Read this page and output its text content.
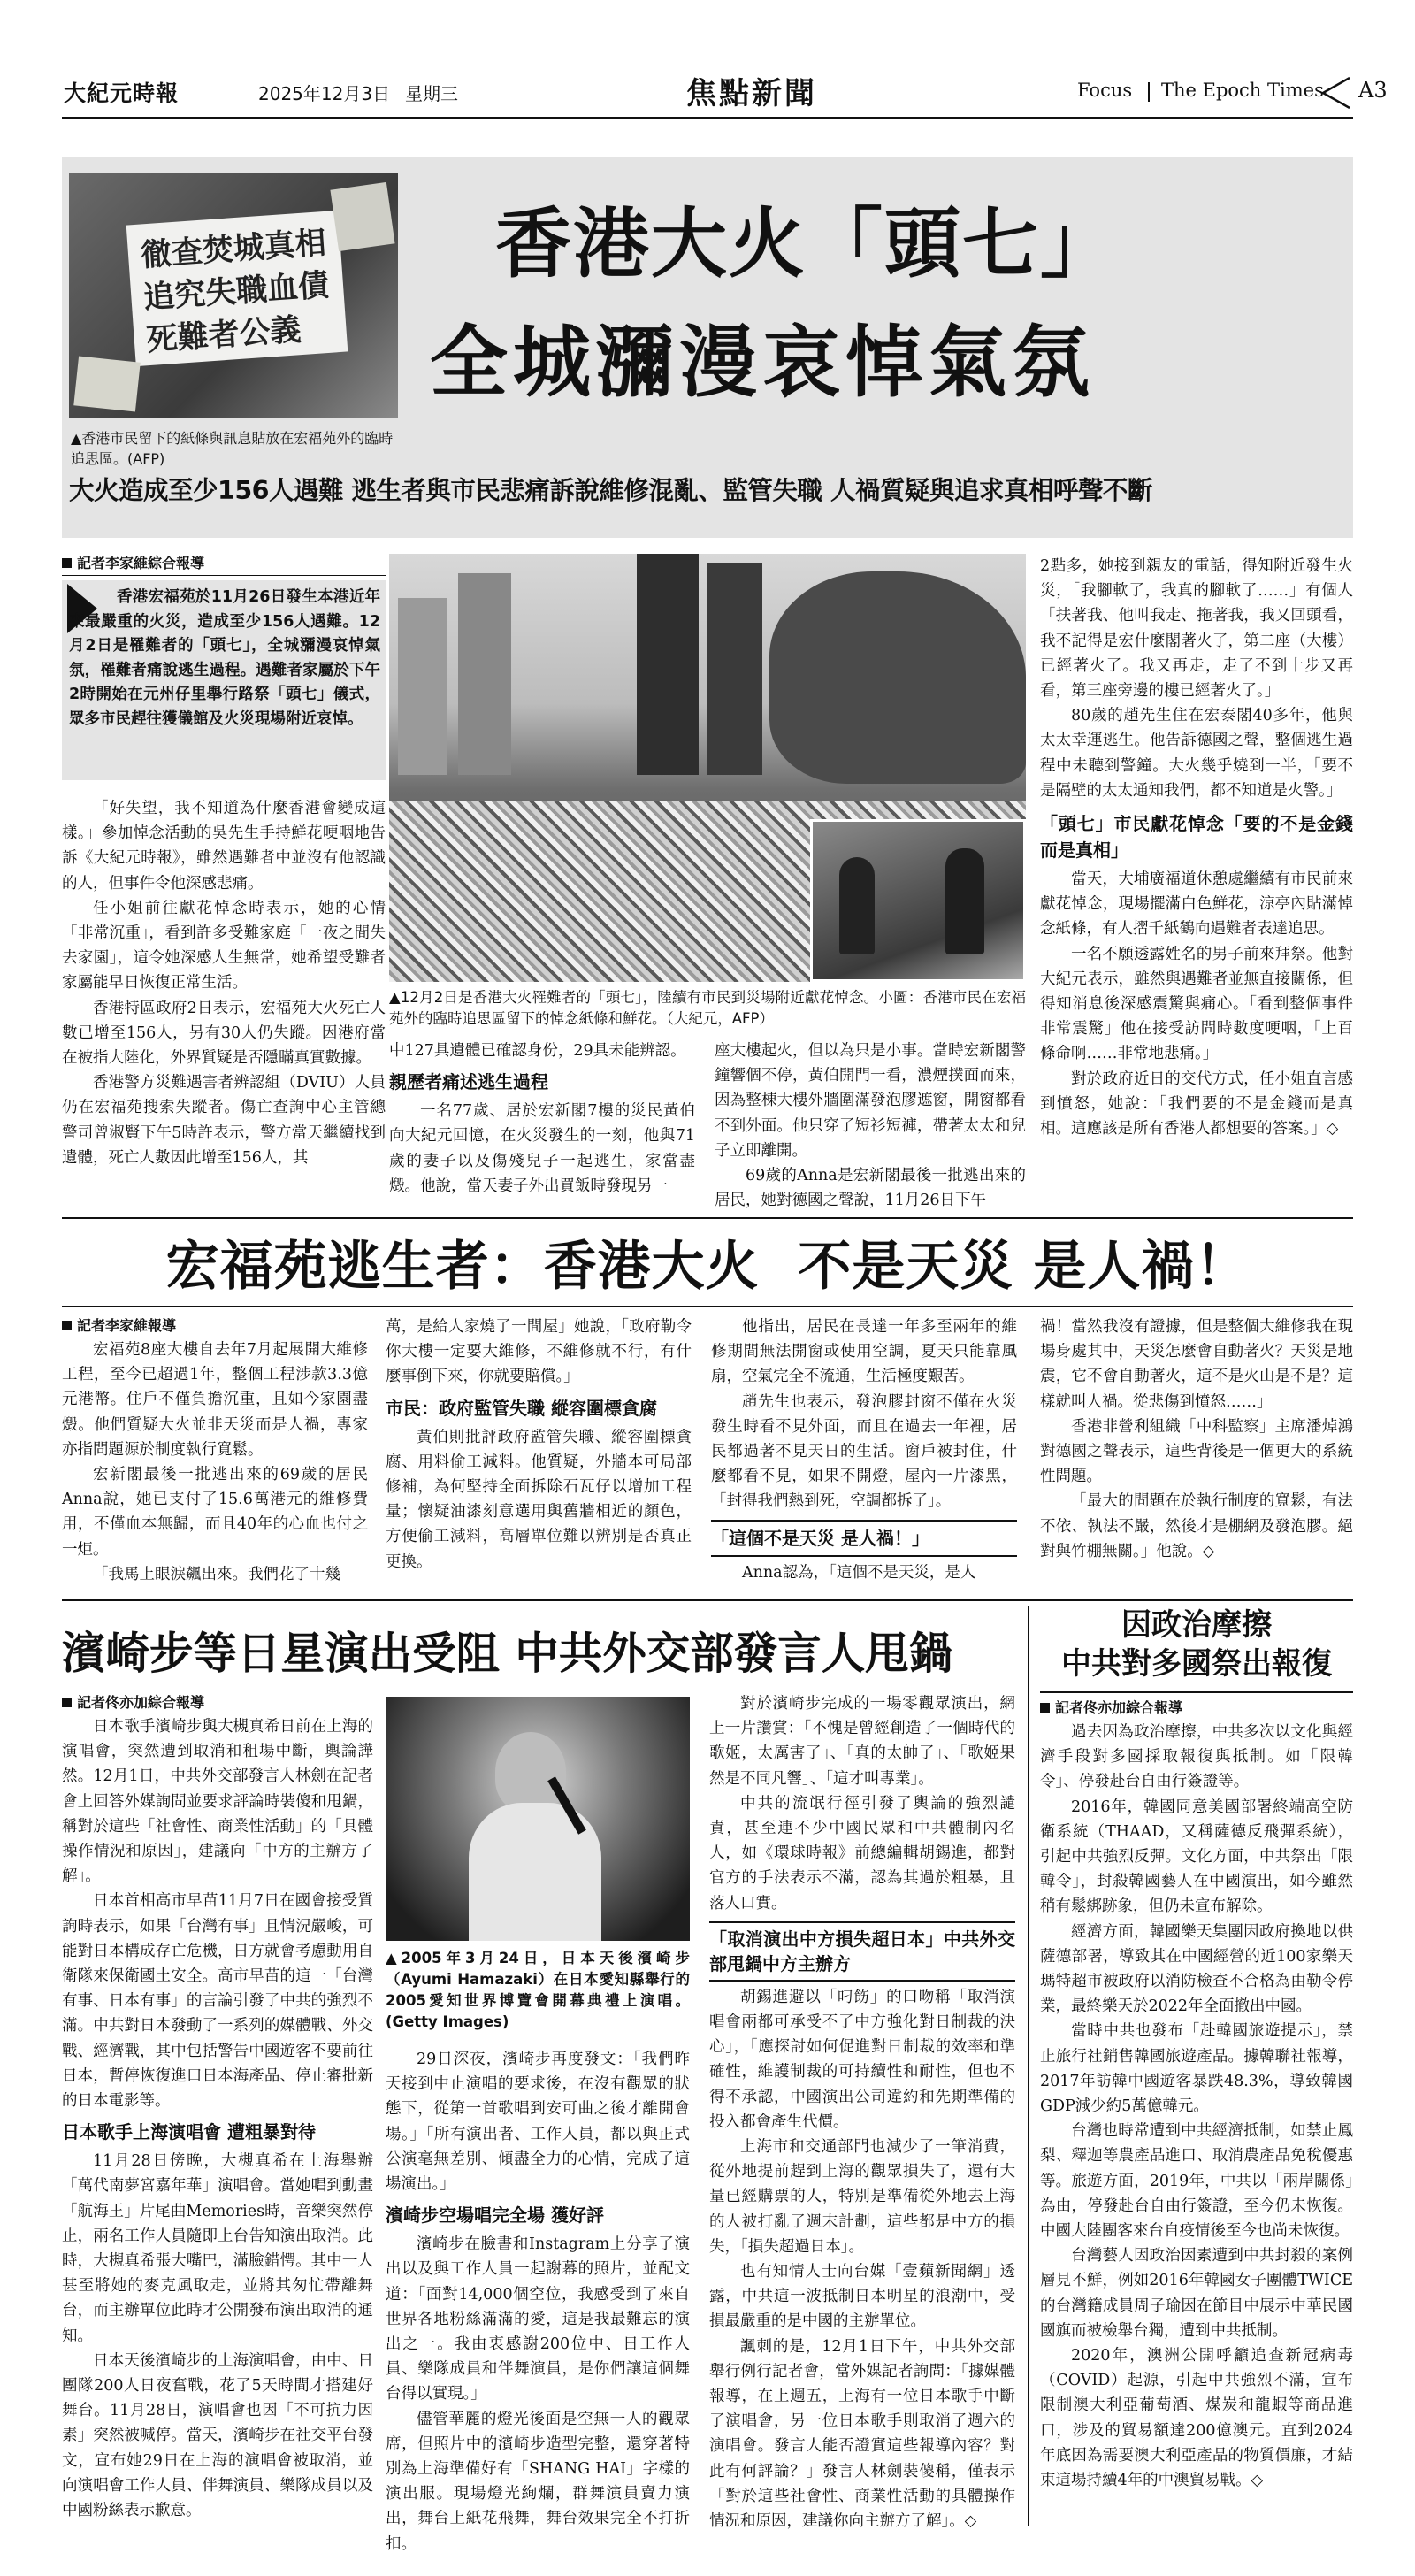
大紀元時報	2025年12月3日 星期三	焦點新聞	Focus The Epoch Times A3
徹查焚城真相
追究失職血債
死難者公義
▲香港市民留下的紙條與訊息貼放在宏福苑外的臨時追思區。(AFP)
香港大火「頭七」
全城瀰漫哀悼氣氛
大火造成至少156人遇難 逃生者與市民悲痛訴說維修混亂、監管失職 人禍質疑與追求真相呼聲不斷
記者李家維綜合報導
香港宏福苑於11月26日發生本港近年來最嚴重的火災，造成至少156人遇難。12月2日是罹難者的「頭七」，全城瀰漫哀悼氣氛，罹難者痛說逃生過程。遇難者家屬於下午2時開始在元州仔里舉行路祭「頭七」儀式，眾多市民趕往獲儀館及火災現場附近哀悼。

「好失望，我不知道為什麼香港會變成這樣。」參加悼念活動的吳先生手持鮮花哽咽地告訴《大紀元時報》，雖然遇難者中並沒有他認識的人，但事件令他深感悲痛。

任小姐前往獻花悼念時表示，她的心情「非常沉重」，看到許多受難家庭「一夜之間失去家園」，這令她深感人生無常，她希望受難者家屬能早日恢復正常生活。

香港特區政府2日表示，宏福苑大火死亡人數已增至156人，另有30人仍失蹤。因港府當在被指大陸化，外界質疑是否隱瞞真實數據。

香港警方災難遇害者辨認組（DVIU）人員仍在宏福苑搜索失蹤者。傷亡查詢中心主管總警司曾淑賢下午5時許表示，警方當天繼續找到遺體，死亡人數因此增至156人，其

▲12月2日是香港大火罹難者的「頭七」，陸續有市民到災場附近獻花悼念。小圖：香港市民在宏福苑外的臨時追思區留下的悼念紙條和鮮花。（大紀元，AFP）

中127具遺體已確認身份，29具未能辨認。

親歷者痛述逃生過程

一名77歲、居於宏新閣7樓的災民黃伯向大紀元回憶，在火災發生的一刻，他與71歲的妻子以及傷殘兒子一起逃生，家當盡燬。他說，當天妻子外出買飯時發現另一

座大樓起火，但以為只是小事。當時宏新閣警鐘響個不停，黃伯開門一看，濃煙撲面而來，因為整棟大樓外牆圍滿發泡膠遮窗，開窗都看不到外面。他只穿了短衫短褲，帶著太太和兒子立即離開。

69歲的Anna是宏新閣最後一批逃出來的居民，她對德國之聲說，11月26日下午

2點多，她接到親友的電話，得知附近發生火災，「我腳軟了，我真的腳軟了……」有個人「扶著我、他叫我走、拖著我，我又回頭看，我不記得是宏什麼閣著火了，第二座（大樓）已經著火了。我又再走，走了不到十步又再看，第三座旁邊的樓已經著火了。」

80歲的趙先生住在宏泰閣40多年，他與太太幸運逃生。他告訴德國之聲，整個逃生過程中未聽到警鐘。大火幾乎燒到一半，「要不是隔壁的太太通知我們，都不知道是火警。」

「頭七」市民獻花悼念「要的不是金錢而是真相」

當天，大埔廣福道休憩處繼續有市民前來獻花悼念，現場擺滿白色鮮花，涼亭內貼滿悼念紙條，有人摺千紙鶴向遇難者表達追思。

一名不願透露姓名的男子前來拜祭。他對大紀元表示，雖然與遇難者並無直接關係，但得知消息後深感震驚與痛心。「看到整個事件非常震驚」他在接受訪問時數度哽咽，「上百條命啊……非常地悲痛。」

對於政府近日的交代方式，任小姐直言感到憤怒，她說：「我們要的不是金錢而是真相。這應該是所有香港人都想要的答案。」◇

宏福苑逃生者：香港大火  不是天災 是人禍！
記者李家維報導

宏福苑8座大樓自去年7月起展開大維修工程，至今已超過1年，整個工程涉款3.3億元港幣。住戶不僅負擔沉重，且如今家園盡燬。他們質疑大火並非天災而是人禍，專家亦指問題源於制度執行寬鬆。

宏新閣最後一批逃出來的69歲的居民Anna說，她已支付了15.6萬港元的維修費用，不僅血本無歸，而且40年的心血也付之一炬。

「我馬上眼淚飆出來。我們花了十幾

萬，是給人家燒了一間屋」她說，「政府勒令你大樓一定要大維修，不維修就不行，有什麼事倒下來，你就要賠償。」

市民：政府監管失職 縱容圍標貪腐

黃伯則批評政府監管失職、縱容圍標貪腐、用料偷工減料。他質疑，外牆本可局部修補，為何堅持全面拆除石瓦仔以增加工程量；懷疑油漆刻意選用與舊牆相近的顏色，方便偷工減料，高層單位難以辨別是否真正更換。

他指出，居民在長達一年多至兩年的維修期間無法開窗或使用空調，夏天只能靠風扇，空氣完全不流通，生活極度艱苦。

趙先生也表示，發泡膠封窗不僅在火災發生時看不見外面，而且在過去一年裡，居民都過著不見天日的生活。窗戶被封住，什麼都看不見，如果不開燈，屋內一片漆黑，「封得我們熱到死，空調都拆了」。

「這個不是天災 是人禍！」

Anna認為，「這個不是天災，是人

禍！當然我沒有證據，但是整個大維修我在現場身處其中，天災怎麼會自動著火？天災是地震，它不會自動著火，這不是火山是不是？這樣就叫人禍。從悲傷到憤怒……」

香港非營利組織「中科監察」主席潘焯鴻對德國之聲表示，這些背後是一個更大的系統性問題。

「最大的問題在於執行制度的寬鬆，有法不依、執法不嚴，然後才是棚網及發泡膠。絕對與竹棚無關。」他說。◇

濱崎步等日星演出受阻 中共外交部發言人甩鍋
記者佟亦加綜合報導

日本歌手濱崎步與大槻真希日前在上海的演唱會，突然遭到取消和租場中斷，輿論譁然。12月1日，中共外交部發言人林劍在記者會上回答外媒詢問並要求評論時裝傻和甩鍋，稱對於這些「社會性、商業性活動」的「具體操作情況和原因」，建議向「中方的主辦方了解」。

日本首相高市早苗11月7日在國會接受質詢時表示，如果「台灣有事」且情況嚴峻，可能對日本構成存亡危機，日方就會考慮動用自衛隊來保衛國土安全。高市早苗的這一「台灣有事、日本有事」的言論引發了中共的強烈不滿。中共對日本發動了一系列的媒體戰、外交戰、經濟戰，其中包括警告中國遊客不要前往日本，暫停恢復進口日本海產品、停止審批新的日本電影等。

日本歌手上海演唱會 遭粗暴對待

11月28日傍晚，大槻真希在上海舉辦「萬代南夢宮嘉年華」演唱會。當她唱到動畫「航海王」片尾曲Memories時，音樂突然停止，兩名工作人員隨即上台告知演出取消。此時，大槻真希張大嘴巴，滿臉錯愕。其中一人甚至將她的麥克風取走，並將其匆忙帶離舞台，而主辦單位此時才公開發布演出取消的通知。

日本天後濱崎步的上海演唱會，由中、日團隊200人日夜奮戰，花了5天時間才搭建好舞台。11月28日，演唱會也因「不可抗力因素」突然被喊停。當天，濱崎步在社交平台發文，宣布她29日在上海的演唱會被取消，並向演唱會工作人員、伴舞演員、樂隊成員以及中國粉絲表示歉意。

▲2005年3月24日，日本天後濱崎步（Ayumi Hamazaki）在日本愛知縣舉行的2005愛知世界博覽會開幕典禮上演唱。(Getty Images)

29日深夜，濱崎步再度發文：「我們昨天接到中止演唱的要求後，在沒有觀眾的狀態下，從第一首歌唱到安可曲之後才離開會場。」「所有演出者、工作人員，都以與正式公演毫無差別、傾盡全力的心情，完成了這場演出。」

濱崎步空場唱完全場 獲好評

濱崎步在臉書和Instagram上分享了演出以及與工作人員一起謝幕的照片，並配文道：「面對14,000個空位，我感受到了來自世界各地粉絲滿滿的愛，這是我最難忘的演出之一。我由衷感謝200位中、日工作人員、樂隊成員和伴舞演員，是你們讓這個舞台得以實現。」

儘管華麗的燈光後面是空無一人的觀眾席，但照片中的濱崎步造型完整，還穿著特別為上海準備好有「SHANG HAI」字樣的演出服。現場燈光絢爛，群舞演員賣力演出，舞台上紙花飛舞，舞台效果完全不打折扣。

對於濱崎步完成的一場零觀眾演出，網上一片讚賞：「不愧是曾經創造了一個時代的歌姬，太厲害了」、「真的太帥了」、「歌姬果然是不同凡響」、「這才叫專業」。

中共的流氓行徑引發了輿論的強烈譴責，甚至連不少中國民眾和中共體制內名人，如《環球時報》前總編輯胡錫進，都對官方的手法表示不滿，認為其過於粗暴，且落人口實。

「取消演出中方損失超日本」中共外交部甩鍋中方主辦方

胡錫進避以「叼飭」的口吻稱「取消演唱會兩都可承受不了中方強化對日制裁的決心」，「應探討如何促進對日制裁的效率和準確性，維護制裁的可持續性和耐性，但也不得不承認，中國演出公司違約和先期準備的投入都會產生代價。

上海市和交通部門也減少了一筆消費，從外地提前趕到上海的觀眾損失了，還有大量已經購票的人，特別是準備從外地去上海的人被打亂了週末計劃，這些都是中方的損失，「損失超過日本」。

也有知情人士向台媒「壹蘋新聞網」透露，中共這一波抵制日本明星的浪潮中，受損最嚴重的是中國的主辦單位。

諷刺的是，12月1日下午，中共外交部舉行例行記者會，當外媒記者詢問：「據媒體報導，在上週五，上海有一位日本歌手中斷了演唱會，另一位日本歌手則取消了週六的演唱會。發言人能否證實這些報導內容？對此有何評論？」發言人林劍裝傻稱，僅表示「對於這些社會性、商業性活動的具體操作情況和原因，建議你向主辦方了解」。◇

因政治摩擦
中共對多國祭出報復
記者佟亦加綜合報導

過去因為政治摩擦，中共多次以文化與經濟手段對多國採取報復與抵制。如「限韓令」、停發赴台自由行簽證等。

2016年，韓國同意美國部署終端高空防衛系統（THAAD，又稱薩德反飛彈系統），引起中共強烈反彈。文化方面，中共祭出「限韓令」，封殺韓國藝人在中國演出，如今雖然稍有鬆綁跡象，但仍未宣布解除。

經濟方面，韓國樂天集團因政府換地以供薩德部署，導致其在中國經營的近100家樂天瑪特超市被政府以消防檢查不合格為由勒令停業，最終樂天於2022年全面撤出中國。

當時中共也發布「赴韓國旅遊提示」，禁止旅行社銷售韓國旅遊產品。據韓聯社報導，2017年訪韓中國遊客暴跌48.3%，導致韓國GDP減少約5萬億韓元。

台灣也時常遭到中共經濟抵制，如禁止鳳梨、釋迦等農產品進口、取消農產品免稅優惠等。旅遊方面，2019年，中共以「兩岸關係」為由，停發赴台自由行簽證，至今仍未恢復。中國大陸團客來台自疫情後至今也尚未恢復。

台灣藝人因政治因素遭到中共封殺的案例層見不鮮，例如2016年韓國女子團體TWICE的台灣籍成員周子瑜因在節目中展示中華民國國旗而被檢舉台獨，遭到中共抵制。

2020年，澳洲公開呼籲追查新冠病毒（COVID）起源，引起中共強烈不滿，宣布限制澳大利亞葡萄酒、煤炭和龍蝦等商品進口，涉及的貿易額達200億澳元。直到2024年底因為需要澳大利亞產品的物質價廉，才結束這場持續4年的中澳貿易戰。◇
